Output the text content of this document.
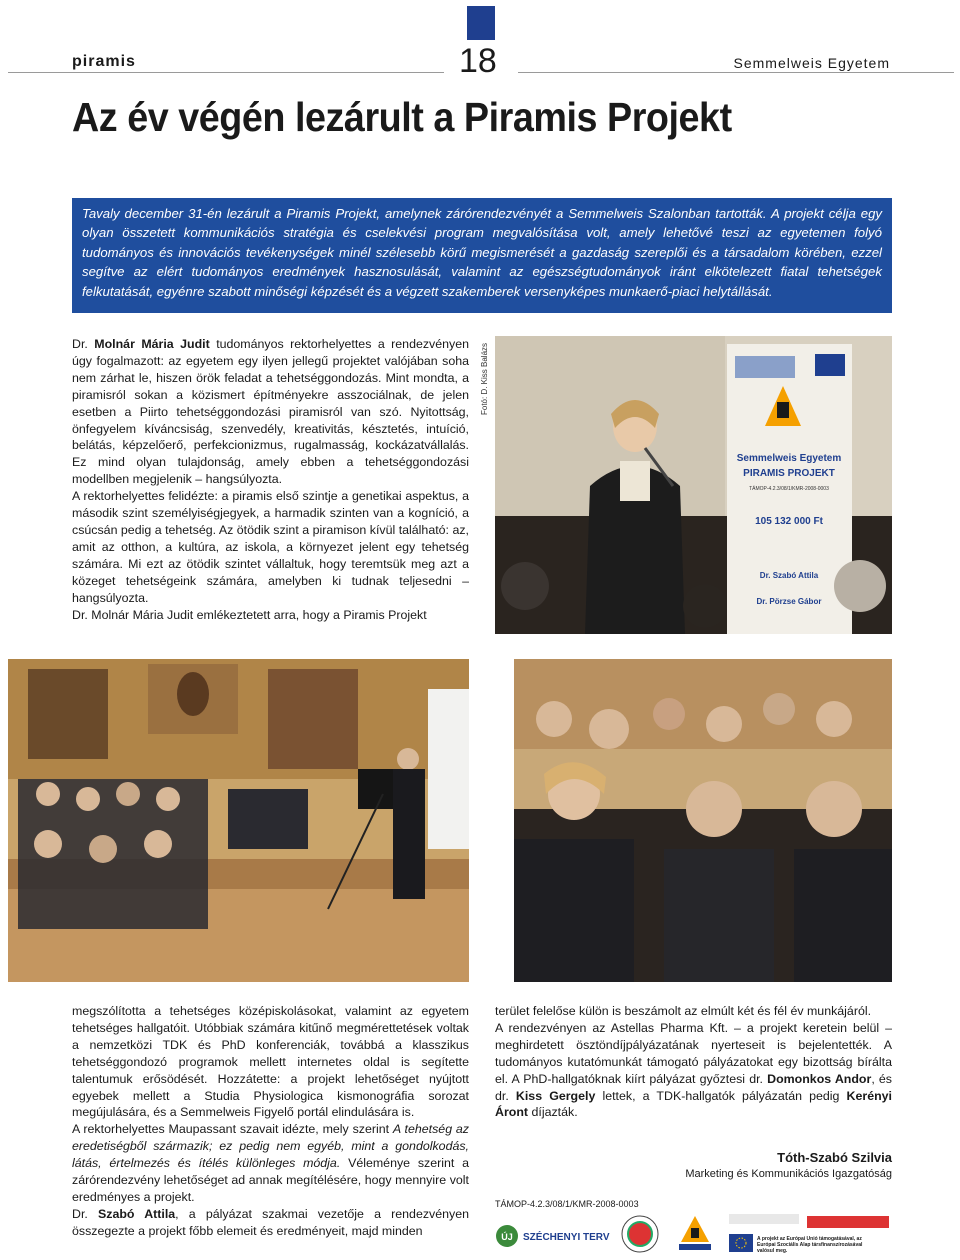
piramis	18	Semmelweis Egyetem
Az év végén lezárult a Piramis Projekt

Tavaly december 31-én lezárult a Piramis Projekt, amelynek zárórendezvényét a Semmelweis Szalonban tartották. A projekt célja egy olyan összetett kommunikációs stratégia és cselekvési program megvalósítása volt, amely lehetővé teszi az egyetemen folyó tudományos és innovációs tevékenységek minél szélesebb körű megismerését a gazdaság szereplői és a társadalom körében, ezzel segítve az elért tudományos eredmények hasznosulását, valamint az egészségtudományok iránt elkötelezett fiatal tehetségek felkutatását, egyénre szabott minőségi képzését és a végzett szakemberek versenyképes munkaerő-piaci helytállását.

Dr. Molnár Mária Judit tudományos rektorhelyettes a rendezvényen úgy fogalmazott: az egyetem egy ilyen jellegű projektet valójában soha nem zárhat le, hiszen örök feladat a tehetséggondozás. Mint mondta, a piramisról sokan a közismert építményekre asszociálnak, de jelen esetben a Piirto tehetséggondozási piramisról van szó. Nyitottság, önfegyelem kíváncsiság, szenvedély, kreativitás, késztetés, intuíció, belátás, képzelőerő, perfekcionizmus, rugalmasság, kockázatvállalás. Ez mind olyan tulajdonság, amely ebben a tehetséggondozási modellben megjelenik – hangsúlyozta.

A rektorhelyettes felidézte: a piramis első szintje a genetikai aspektus, a második szint személyiségjegyek, a harmadik szinten van a kogníció, a csúcsán pedig a tehetség. Az ötödik szint a piramison kívül található: az, amit az otthon, a kultúra, az iskola, a környezet jelent egy tehetség számára. Mi ezt az ötödik szintet vállaltuk, hogy teremtsük meg azt a közeget tehetségeink számára, amelyben ki tudnak teljesedni – hangsúlyozta.

Dr. Molnár Mária Judit emlékeztetett arra, hogy a Piramis Projekt

Fotó: D. Kiss Balázs
Semmelweis Egyetem
PIRAMIS PROJEKT
TÁMOP-4.2.3/08/1/KMR-2008-0003
105 132 000 Ft
Dr. Szabó Attila
Dr. Pörzse Gábor

megszólította a tehetséges középiskolásokat, valamint az egyetem tehetséges hallgatóit. Utóbbiak számára kitűnő megmérettetések voltak a nemzetközi TDK és PhD konferenciák, továbbá a klasszikus tehetséggondozó programok mellett internetes oldal is segítette talentumuk erősödését. Hozzátette: a projekt lehetőséget nyújtott egyebek mellett a Studia Physiologica kismonográfia sorozat megújulására, és a Semmelweis Figyelő portál elindulására is.

A rektorhelyettes Maupassant szavait idézte, mely szerint A tehetség az eredetiségből származik; ez pedig nem egyéb, mint a gondolkodás, látás, értelmezés és ítélés különleges módja. Véleménye szerint a zárórendezvény lehetőséget ad annak megítélésére, hogy mennyire volt eredményes a projekt.

Dr. Szabó Attila, a pályázat szakmai vezetője a rendezvényen összegezte a projekt főbb elemeit és eredményeit, majd minden

terület felelőse külön is beszámolt az elmúlt két és fél év munkájáról.

A rendezvényen az Astellas Pharma Kft. – a projekt keretein belül – meghirdetett ösztöndíjpályázatának nyerteseit is bejelentették. A tudományos kutatómunkát támogató pályázatokat egy bizottság bírálta el. A PhD-hallgatóknak kiírt pályázat győztesi dr. Domonkos Andor, és dr. Kiss Gergely lettek, a TDK-hallgatók pályázatán pedig Kerényi Áront díjazták.

Tóth-Szabó Szilvia
Marketing és Kommunikációs Igazgatóság
TÁMOP-4.2.3/08/1/KMR-2008-0003
ÚJ SZÉCHENYI TERV	A projekt az Európai Unió támogatásával, az Európai Szociális Alap társfinanszírozásával valósul meg.
